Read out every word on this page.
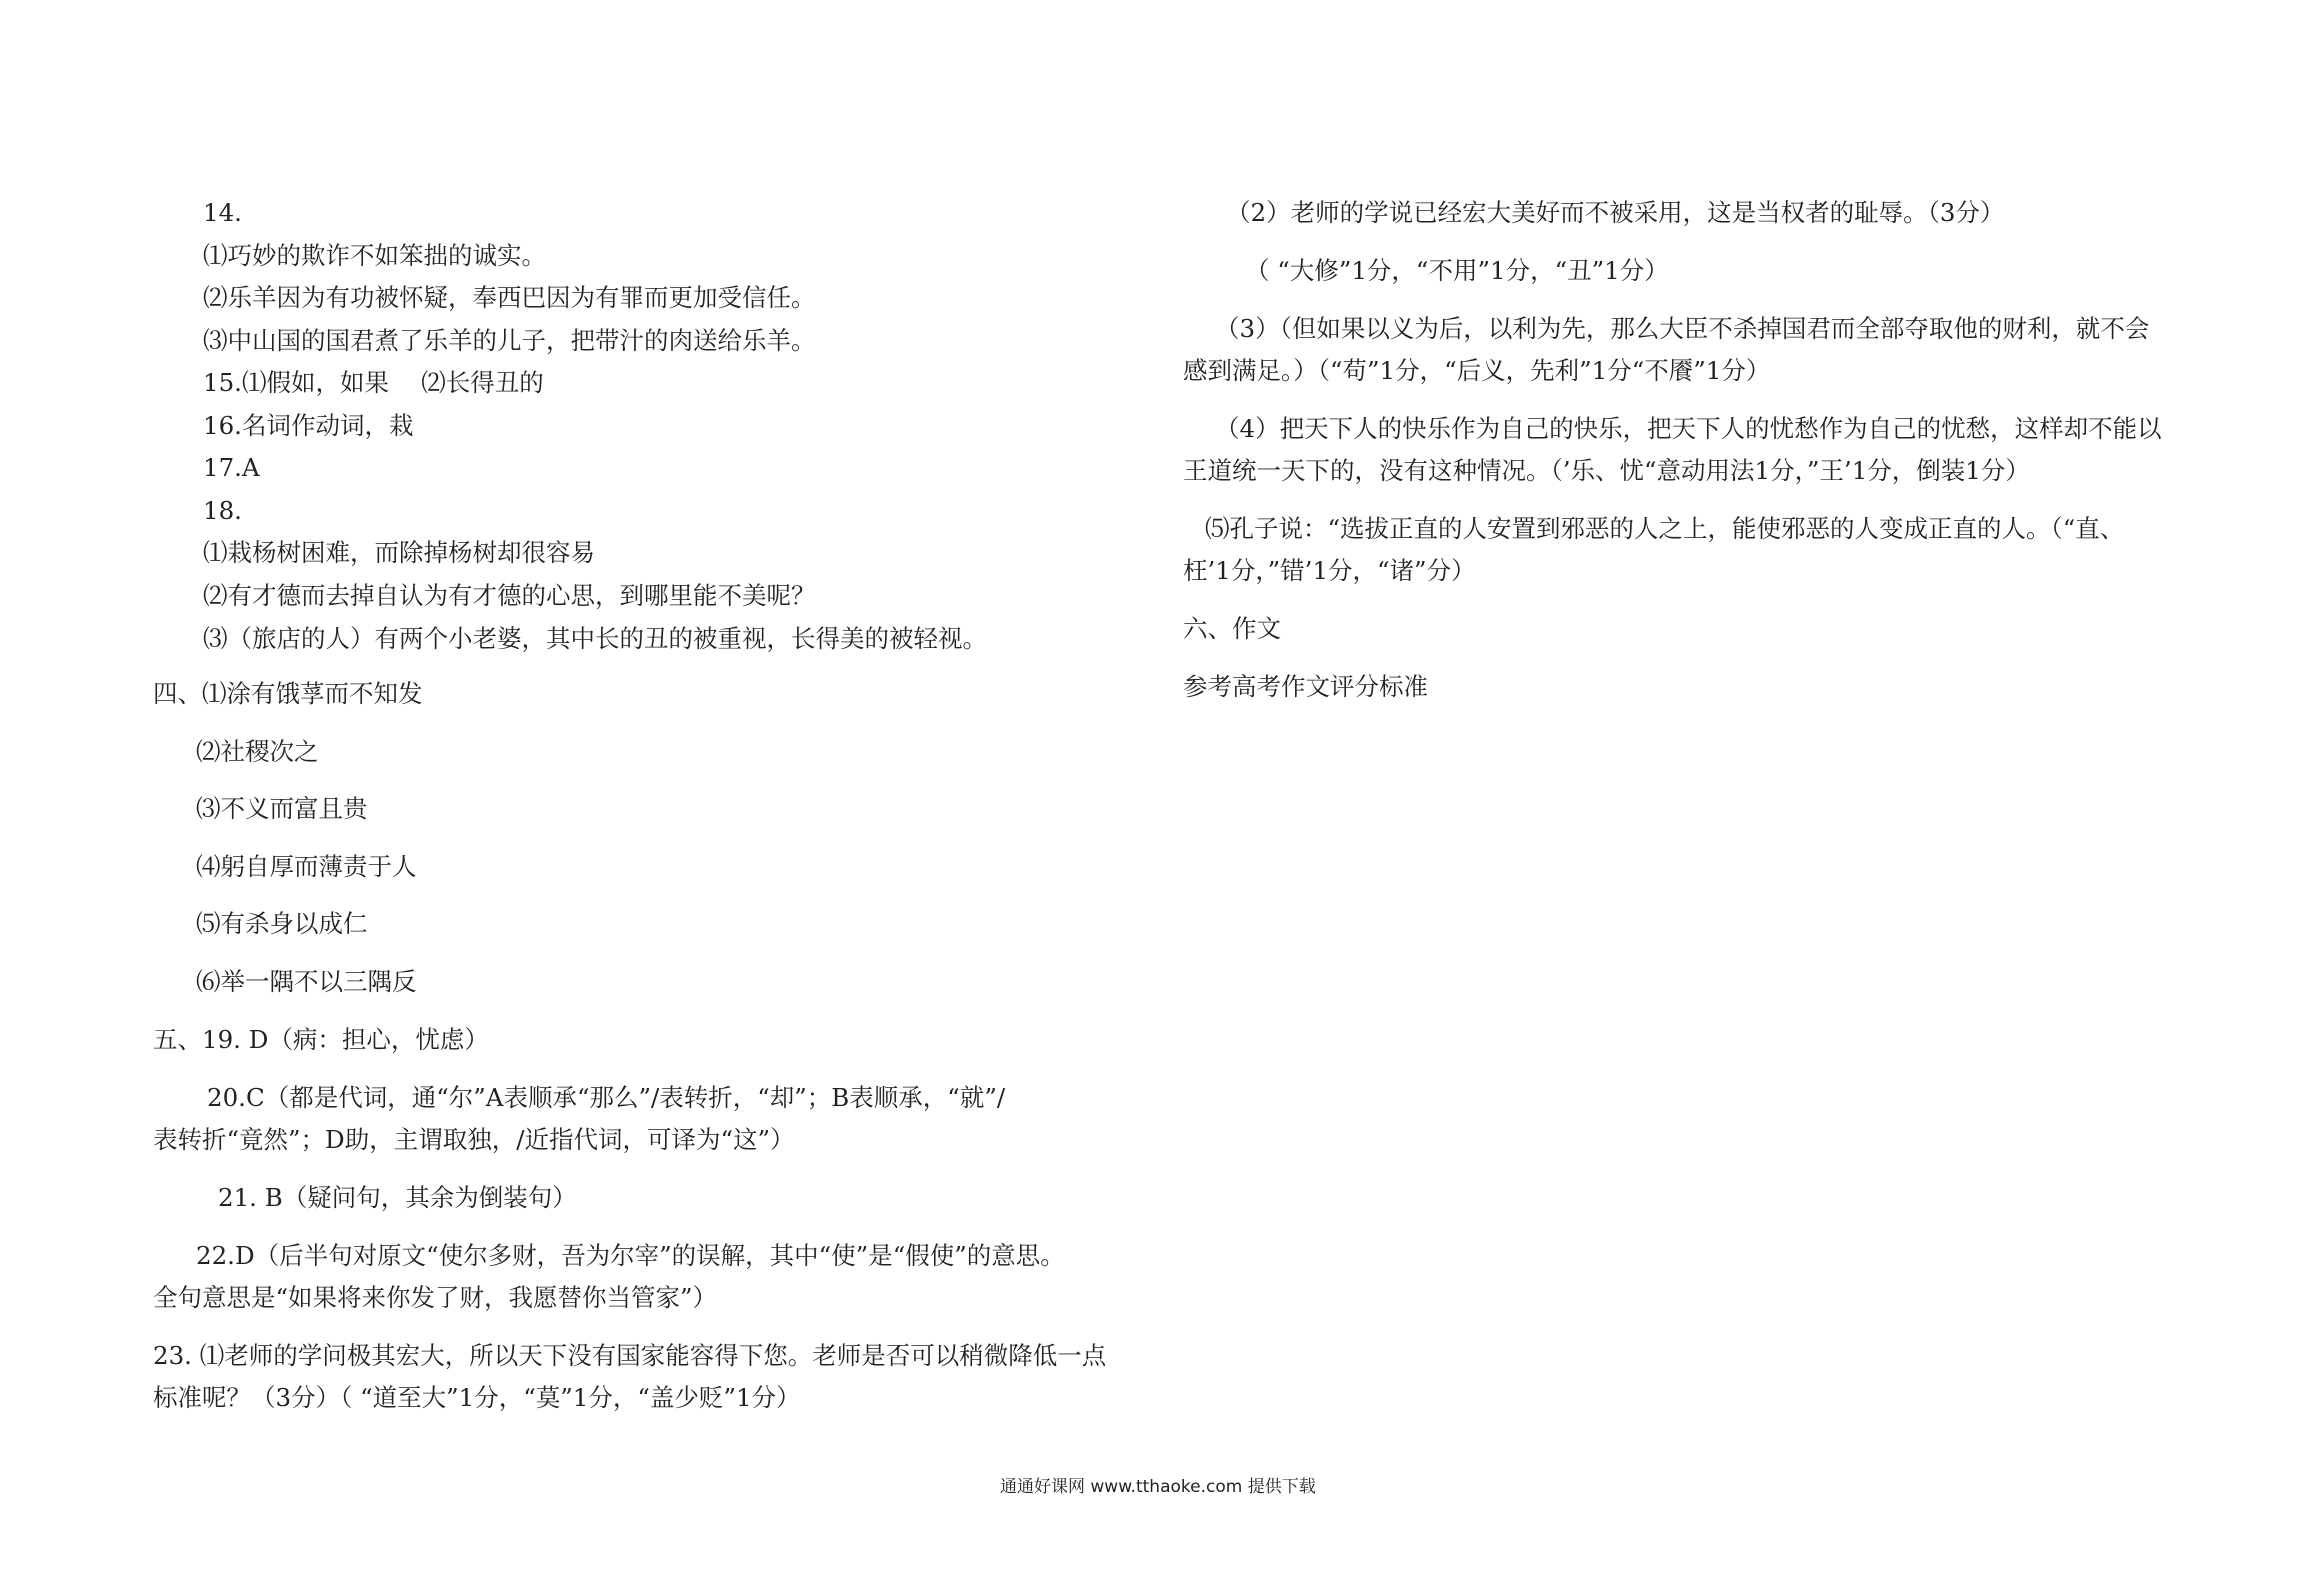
14.

⑴巧妙的欺诈不如笨拙的诚实。

⑵乐羊因为有功被怀疑，奉西巴因为有罪而更加受信任。

⑶中山国的国君煮了乐羊的儿子，把带汁的肉送给乐羊。

15.⑴假如，如果　 ⑵长得丑的

16.名词作动词，栽

17.A

18.

⑴栽杨树困难，而除掉杨树却很容易

⑵有才德而去掉自认为有才德的心思，到哪里能不美呢？

⑶（旅店的人）有两个小老婆，其中长的丑的被重视，长得美的被轻视。

四、⑴涂有饿莩而不知发

⑵社稷次之

⑶不义而富且贵

⑷躬自厚而薄责于人

⑸有杀身以成仁

⑹举一隅不以三隅反

五、19. D（病：担心，忧虑）

20.C（都是代词，通“尔”A表顺承“那么”/表转折，“却”；B表顺承，“就”/

表转折“竟然”；D助，主谓取独，/近指代词，可译为“这”）

21. B（疑问句，其余为倒装句）

22.D（后半句对原文“使尔多财，吾为尔宰”的误解，其中“使”是“假使”的意思。

全句意思是“如果将来你发了财，我愿替你当管家”）

23. ⑴老师的学问极其宏大，所以天下没有国家能容得下您。老师是否可以稍微降低一点

标准呢？（3分）（ “道至大”1分，“莫”1分，“盖少贬”1分）

（2）老师的学说已经宏大美好而不被采用，这是当权者的耻辱。（3分）

（ “大修”1分，“不用”1分，“丑”1分）

（3）（但如果以义为后，以利为先，那么大臣不杀掉国君而全部夺取他的财利，就不会

感到满足。）（“苟”1分，“后义，先利”1分“不餍”1分）

（4）把天下人的快乐作为自己的快乐，把天下人的忧愁作为自己的忧愁，这样却不能以

王道统一天下的，没有这种情况。（’乐、忧“意动用法1分，”王’1分，倒装1分）

⑸孔子说：“选拔正直的人安置到邪恶的人之上，能使邪恶的人变成正直的人。（“直、

枉’1分，”错’1分，“诸”分）

六、作文

参考高考作文评分标准

通通好课网 www.tthaoke.com 提供下载
